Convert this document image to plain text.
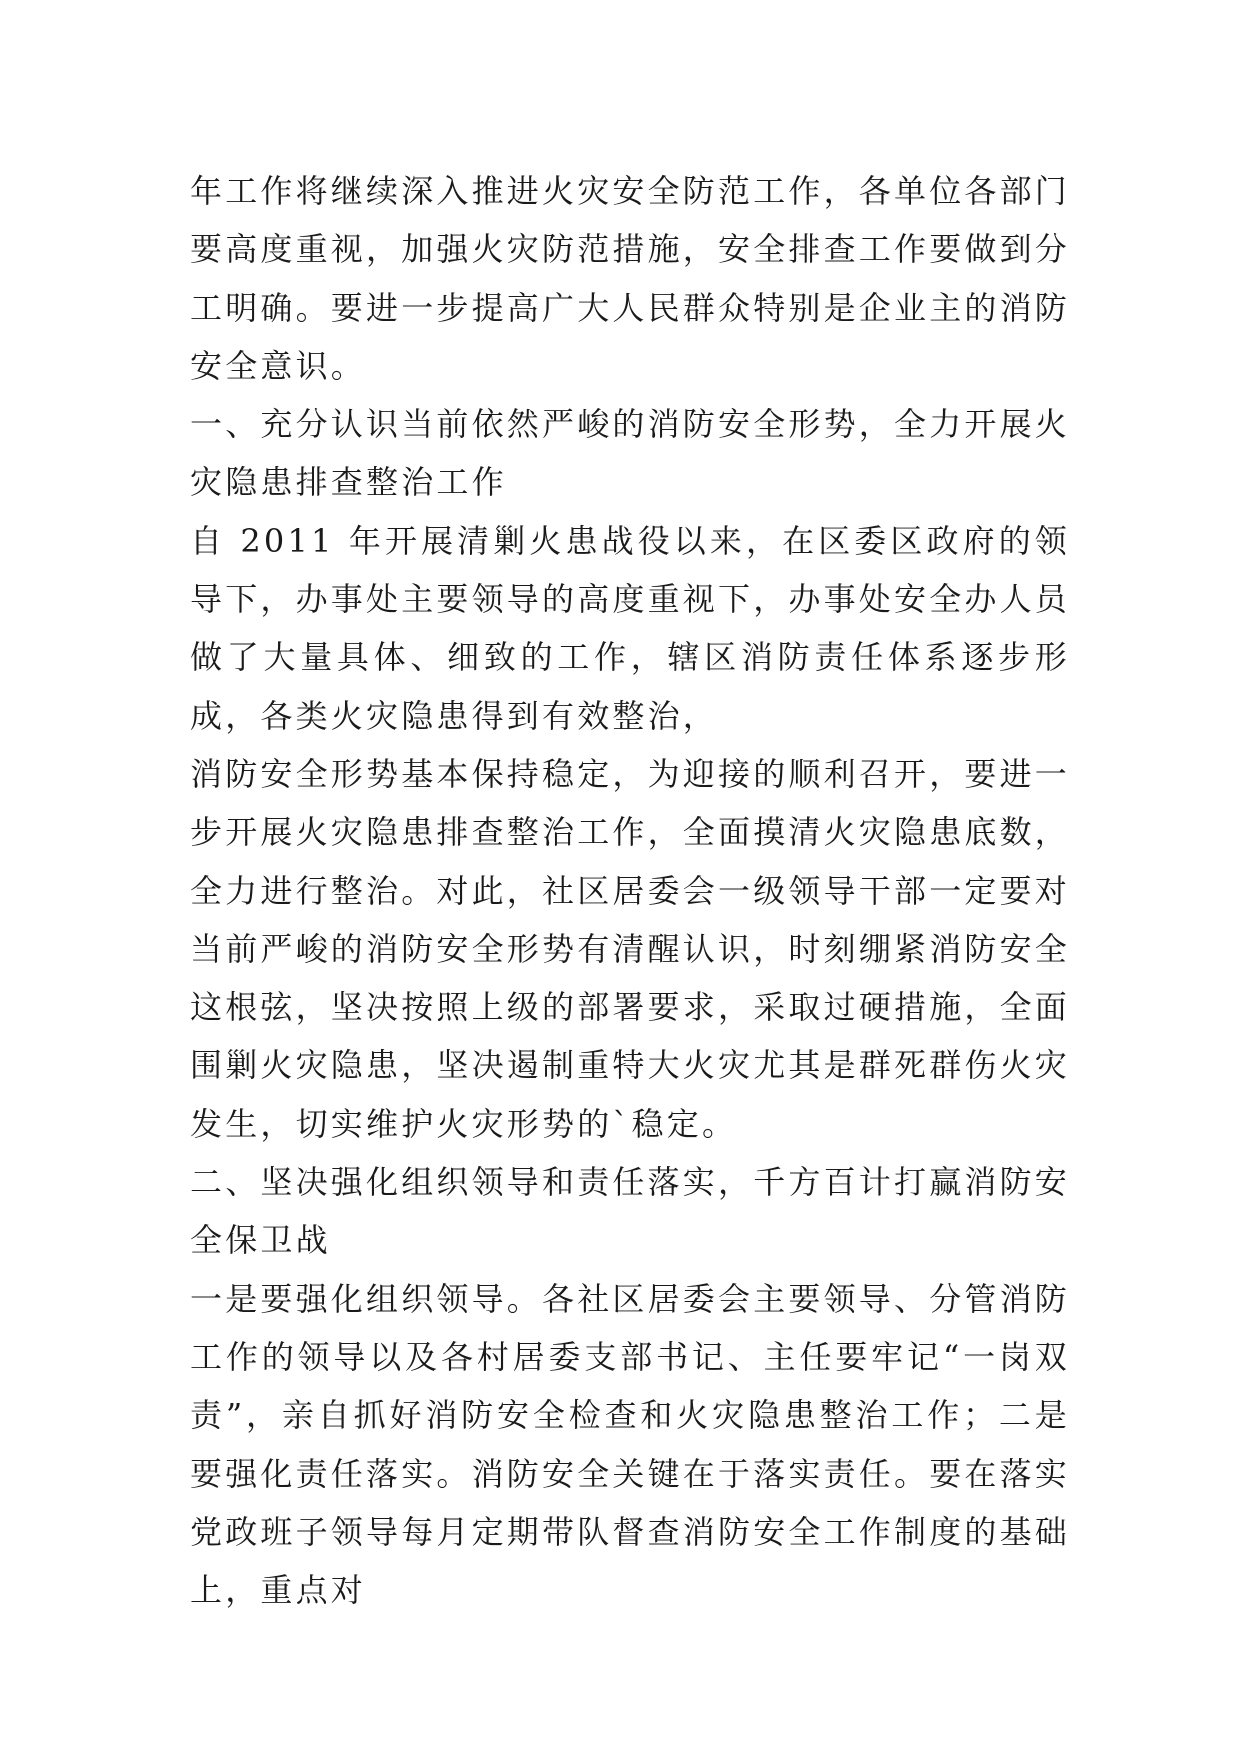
年工作将继续深入推进火灾安全防范工作，各单位各部门要高度重视，加强火灾防范措施，安全排查工作要做到分工明确。要进一步提高广大人民群众特别是企业主的消防安全意识。

一、充分认识当前依然严峻的消防安全形势，全力开展火灾隐患排查整治工作

自 2011 年开展清剿火患战役以来，在区委区政府的领导下，办事处主要领导的高度重视下，办事处安全办人员做了大量具体、细致的工作，辖区消防责任体系逐步形成，各类火灾隐患得到有效整治，

消防安全形势基本保持稳定，为迎接的顺利召开，要进一步开展火灾隐患排查整治工作，全面摸清火灾隐患底数，全力进行整治。对此，社区居委会一级领导干部一定要对当前严峻的消防安全形势有清醒认识，时刻绷紧消防安全这根弦，坚决按照上级的部署要求，采取过硬措施，全面围剿火灾隐患，坚决遏制重特大火灾尤其是群死群伤火灾发生，切实维护火灾形势的`稳定。

二、坚决强化组织领导和责任落实，千方百计打赢消防安全保卫战

一是要强化组织领导。各社区居委会主要领导、分管消防工作的领导以及各村居委支部书记、主任要牢记“一岗双责”，亲自抓好消防安全检查和火灾隐患整治工作；二是要强化责任落实。消防安全关键在于落实责任。要在落实党政班子领导每月定期带队督查消防安全工作制度的基础上，重点对
